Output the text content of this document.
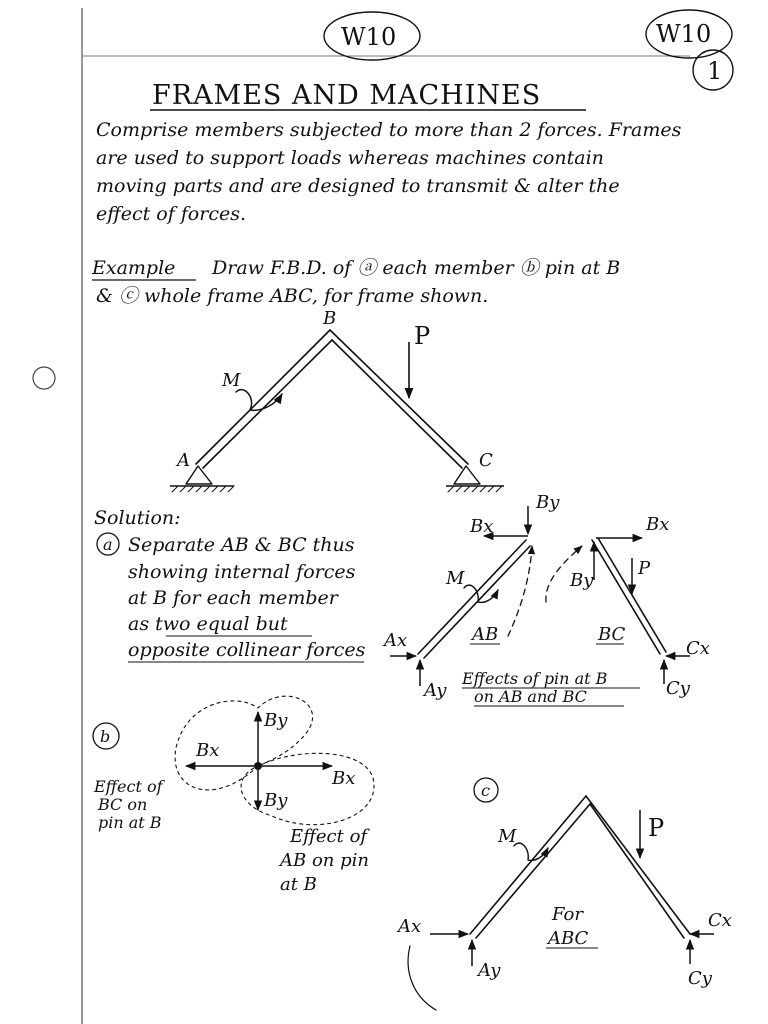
W10	W10
1
FRAMES AND MACHINES
Comprise members subjected to more than 2 forces. Frames
are used to support loads whereas machines contain
moving parts and are designed to transmit & alter the
effect of forces.
Example Draw F.B.D. of ⓐ each member ⓑ pin at B
& ⓒ whole frame ABC, for frame shown.
A
B
C
M
P
Solution:
a Separate AB & BC thus
showing internal forces
at B for each member
as two equal but
opposite collinear forces
Bx
By
M
Ax
Ay
AB
Bx
By
P
BC
Cx
Cy
Effects of pin at B
on AB and BC
b
By
Bx
Bx
By
Effect of
BC on
pin at B
Effect of
AB on pin
at B
c
M	P
Ax
Ay
Cx
Cy
For
ABC
